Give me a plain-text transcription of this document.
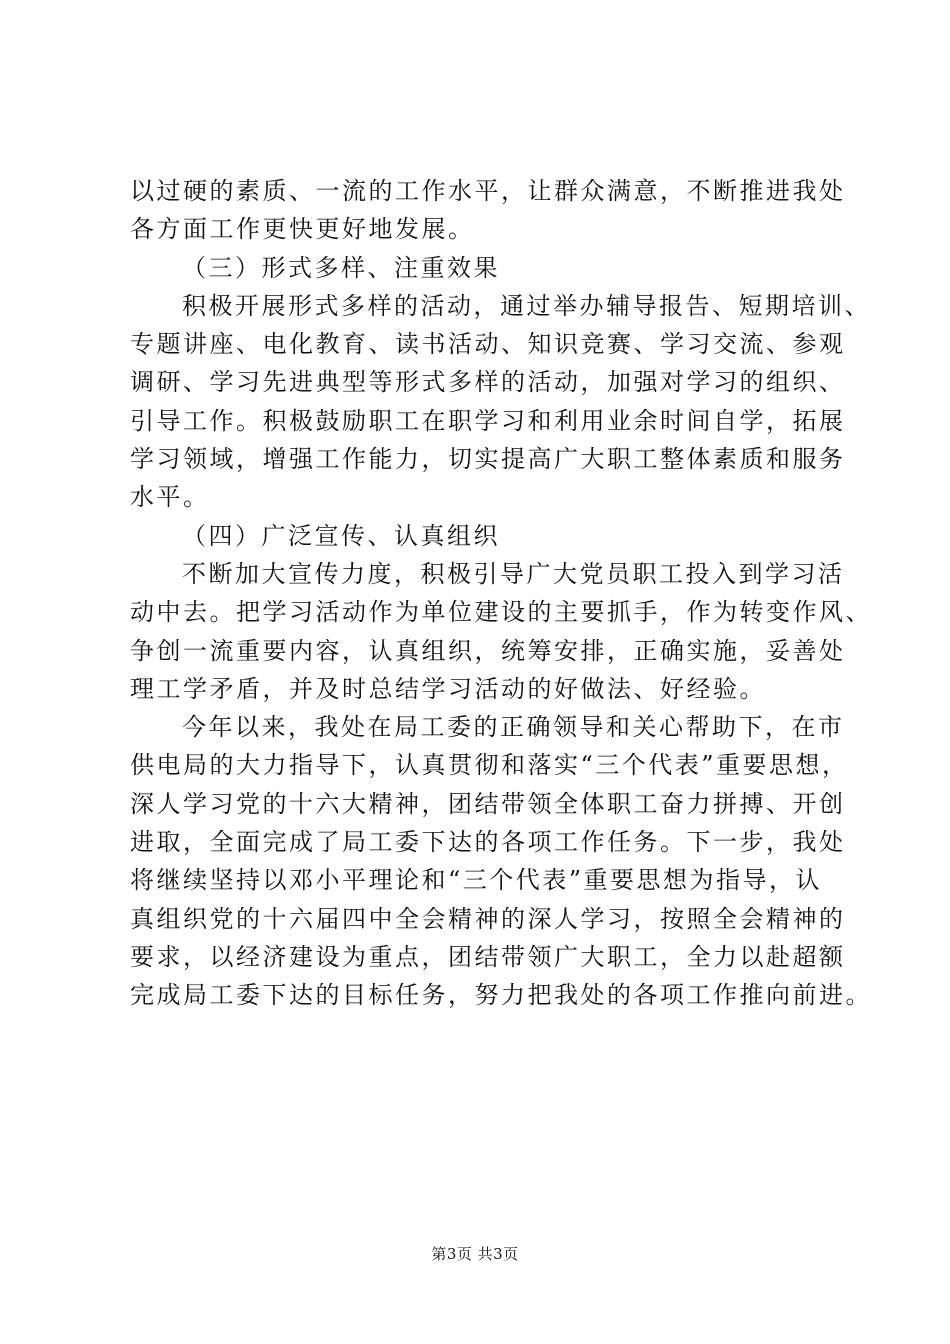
以过硬的素质、一流的工作水平，让群众满意，不断推进我处
各方面工作更快更好地发展。
（三）形式多样、注重效果
积极开展形式多样的活动，通过举办辅导报告、短期培训、
专题讲座、电化教育、读书活动、知识竞赛、学习交流、参观
调研、学习先进典型等形式多样的活动，加强对学习的组织、
引导工作。积极鼓励职工在职学习和利用业余时间自学，拓展
学习领域，增强工作能力，切实提高广大职工整体素质和服务
水平。
（四）广泛宣传、认真组织
不断加大宣传力度，积极引导广大党员职工投入到学习活
动中去。把学习活动作为单位建设的主要抓手，作为转变作风、
争创一流重要内容，认真组织，统筹安排，正确实施，妥善处
理工学矛盾，并及时总结学习活动的好做法、好经验。
今年以来，我处在局工委的正确领导和关心帮助下，在市
供电局的大力指导下，认真贯彻和落实“三个代表”重要思想，
深人学习党的十六大精神，团结带领全体职工奋力拼搏、开创
进取，全面完成了局工委下达的各项工作任务。下一步，我处
将继续坚持以邓小平理论和“三个代表”重要思想为指导，认
真组织党的十六届四中全会精神的深人学习，按照全会精神的
要求，以经济建设为重点，团结带领广大职工，全力以赴超额
完成局工委下达的目标任务，努力把我处的各项工作推向前进。
第3页 共3页
